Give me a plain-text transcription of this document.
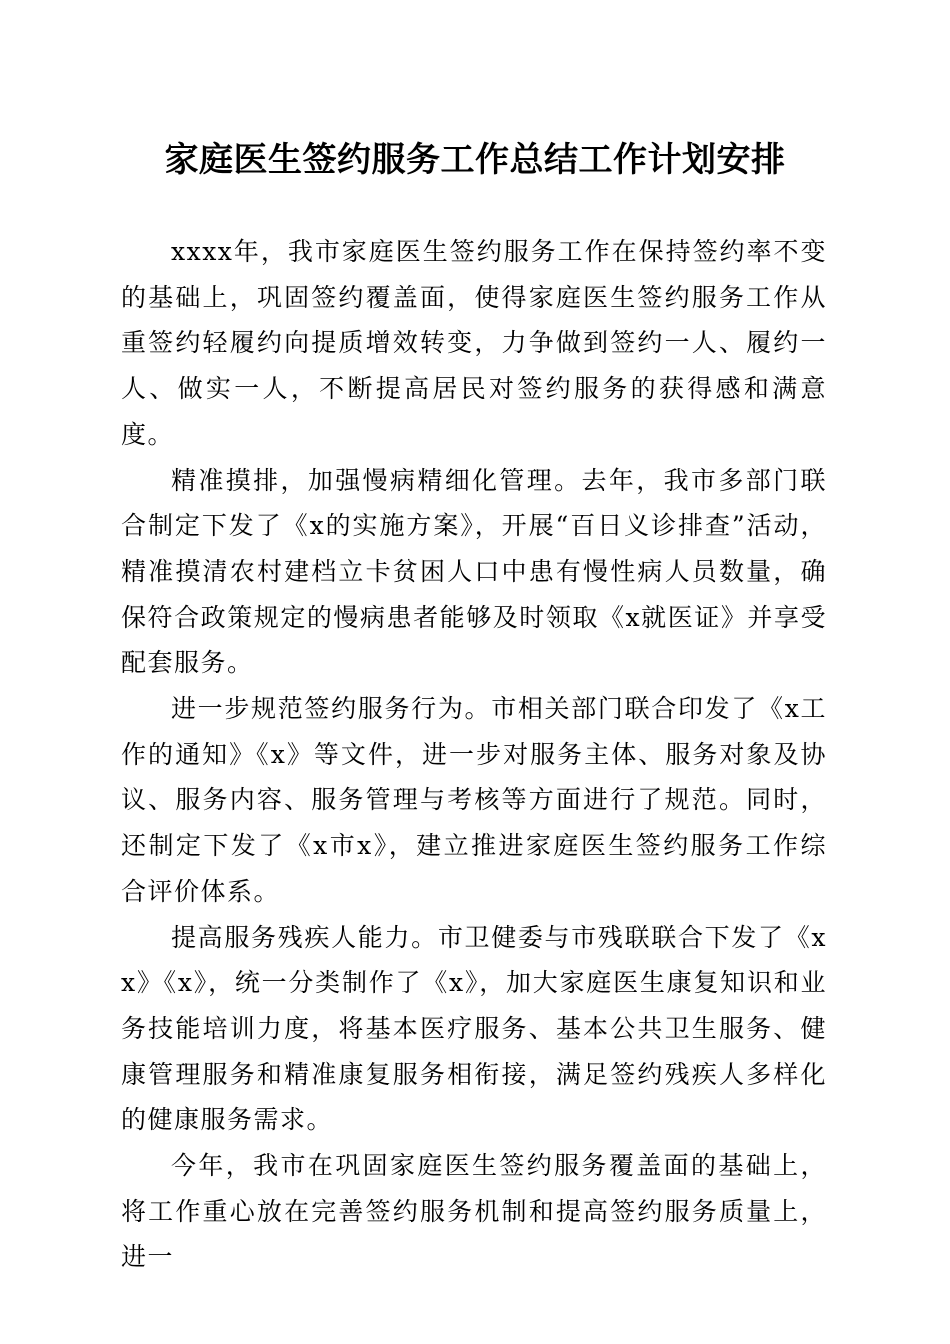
家庭医生签约服务工作总结工作计划安排

xxxx年，我市家庭医生签约服务工作在保持签约率不变的基础上，巩固签约覆盖面，使得家庭医生签约服务工作从重签约轻履约向提质增效转变，力争做到签约一人、履约一人、做实一人，不断提高居民对签约服务的获得感和满意度。

精准摸排，加强慢病精细化管理。去年，我市多部门联合制定下发了《x的实施方案》，开展“百日义诊排查”活动，精准摸清农村建档立卡贫困人口中患有慢性病人员数量，确保符合政策规定的慢病患者能够及时领取《x就医证》并享受配套服务。

进一步规范签约服务行为。市相关部门联合印发了《x工作的通知》《x》等文件，进一步对服务主体、服务对象及协议、服务内容、服务管理与考核等方面进行了规范。同时，还制定下发了《x市x》，建立推进家庭医生签约服务工作综合评价体系。

提高服务残疾人能力。市卫健委与市残联联合下发了《xx》《x》，统一分类制作了《x》，加大家庭医生康复知识和业务技能培训力度，将基本医疗服务、基本公共卫生服务、健康管理服务和精准康复服务相衔接，满足签约残疾人多样化的健康服务需求。

今年，我市在巩固家庭医生签约服务覆盖面的基础上，将工作重心放在完善签约服务机制和提高签约服务质量上，进一
